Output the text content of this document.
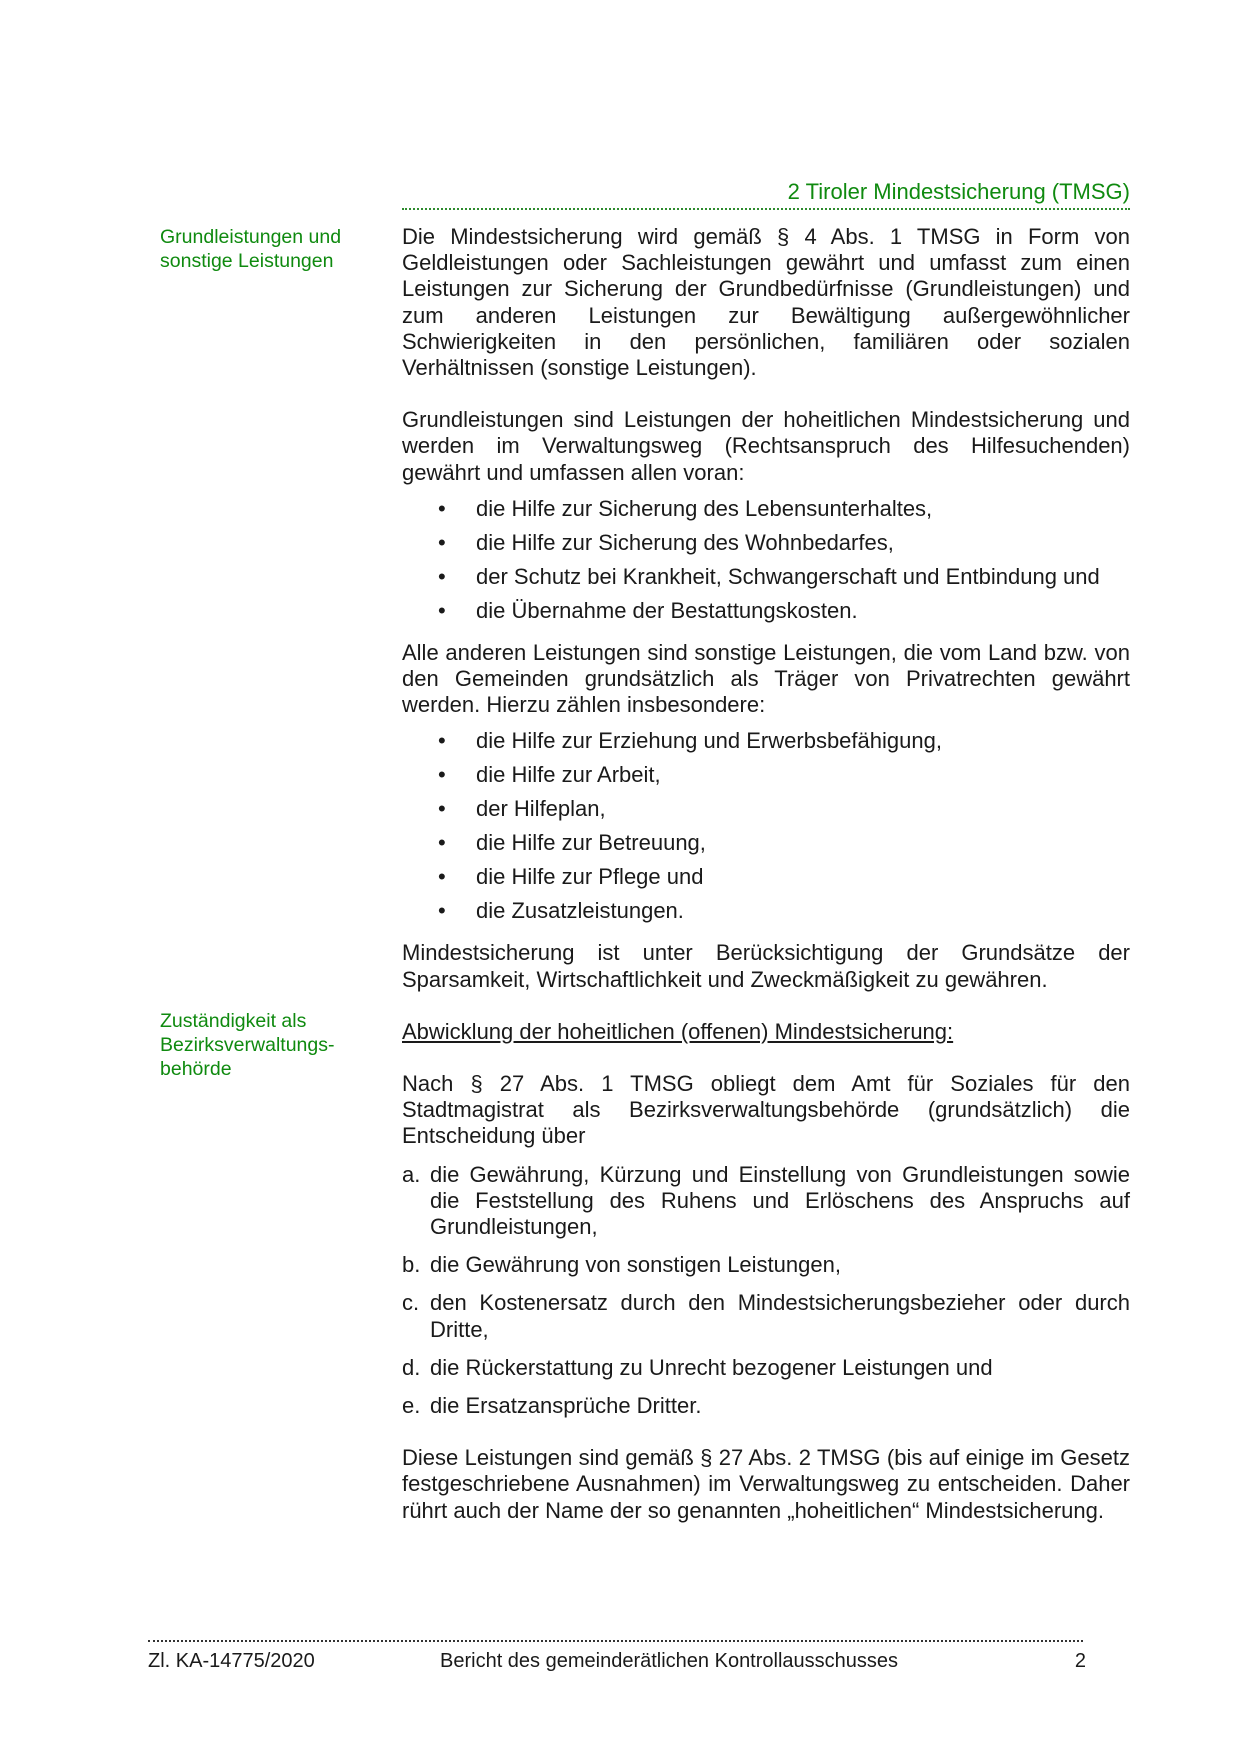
2 Tiroler Mindestsicherung (TMSG)
Grundleistungen und sonstige Leistungen
Zuständigkeit als Bezirksverwaltungs-behörde

Die Mindestsicherung wird gemäß § 4 Abs. 1 TMSG in Form von Geldleistungen oder Sachleistungen gewährt und umfasst zum einen Leistungen zur Sicherung der Grundbedürfnisse (Grundleistungen) und zum anderen Leistungen zur Bewältigung außergewöhnlicher Schwierigkeiten in den persönlichen, familiären oder sozialen Verhältnissen (sonstige Leistungen).

Grundleistungen sind Leistungen der hoheitlichen Mindestsicherung und werden im Verwaltungsweg (Rechtsanspruch des Hilfesuchenden) gewährt und umfassen allen voran:

• die Hilfe zur Sicherung des Lebensunterhaltes,
• die Hilfe zur Sicherung des Wohnbedarfes,
• der Schutz bei Krankheit, Schwangerschaft und Entbindung und
• die Übernahme der Bestattungskosten.

Alle anderen Leistungen sind sonstige Leistungen, die vom Land bzw. von den Gemeinden grundsätzlich als Träger von Privatrechten gewährt werden. Hierzu zählen insbesondere:

• die Hilfe zur Erziehung und Erwerbsbefähigung,
• die Hilfe zur Arbeit,
• der Hilfeplan,
• die Hilfe zur Betreuung,
• die Hilfe zur Pflege und
• die Zusatzleistungen.

Mindestsicherung ist unter Berücksichtigung der Grundsätze der Sparsamkeit, Wirtschaftlichkeit und Zweckmäßigkeit zu gewähren.

Abwicklung der hoheitlichen (offenen) Mindestsicherung:

Nach § 27 Abs. 1 TMSG obliegt dem Amt für Soziales für den Stadtmagistrat als Bezirksverwaltungsbehörde (grundsätzlich) die Entscheidung über

a. die Gewährung, Kürzung und Einstellung von Grundleistungen sowie die Feststellung des Ruhens und Erlöschens des Anspruchs auf Grundleistungen,
b. die Gewährung von sonstigen Leistungen,
c. den Kostenersatz durch den Mindestsicherungsbezieher oder durch Dritte,
d. die Rückerstattung zu Unrecht bezogener Leistungen und
e. die Ersatzansprüche Dritter.

Diese Leistungen sind gemäß § 27 Abs. 2 TMSG (bis auf einige im Gesetz festgeschriebene Ausnahmen) im Verwaltungsweg zu entscheiden. Daher rührt auch der Name der so genannten „hoheitlichen“ Mindestsicherung.

Zl. KA-14775/2020	Bericht des gemeinderätlichen Kontrollausschusses	2
